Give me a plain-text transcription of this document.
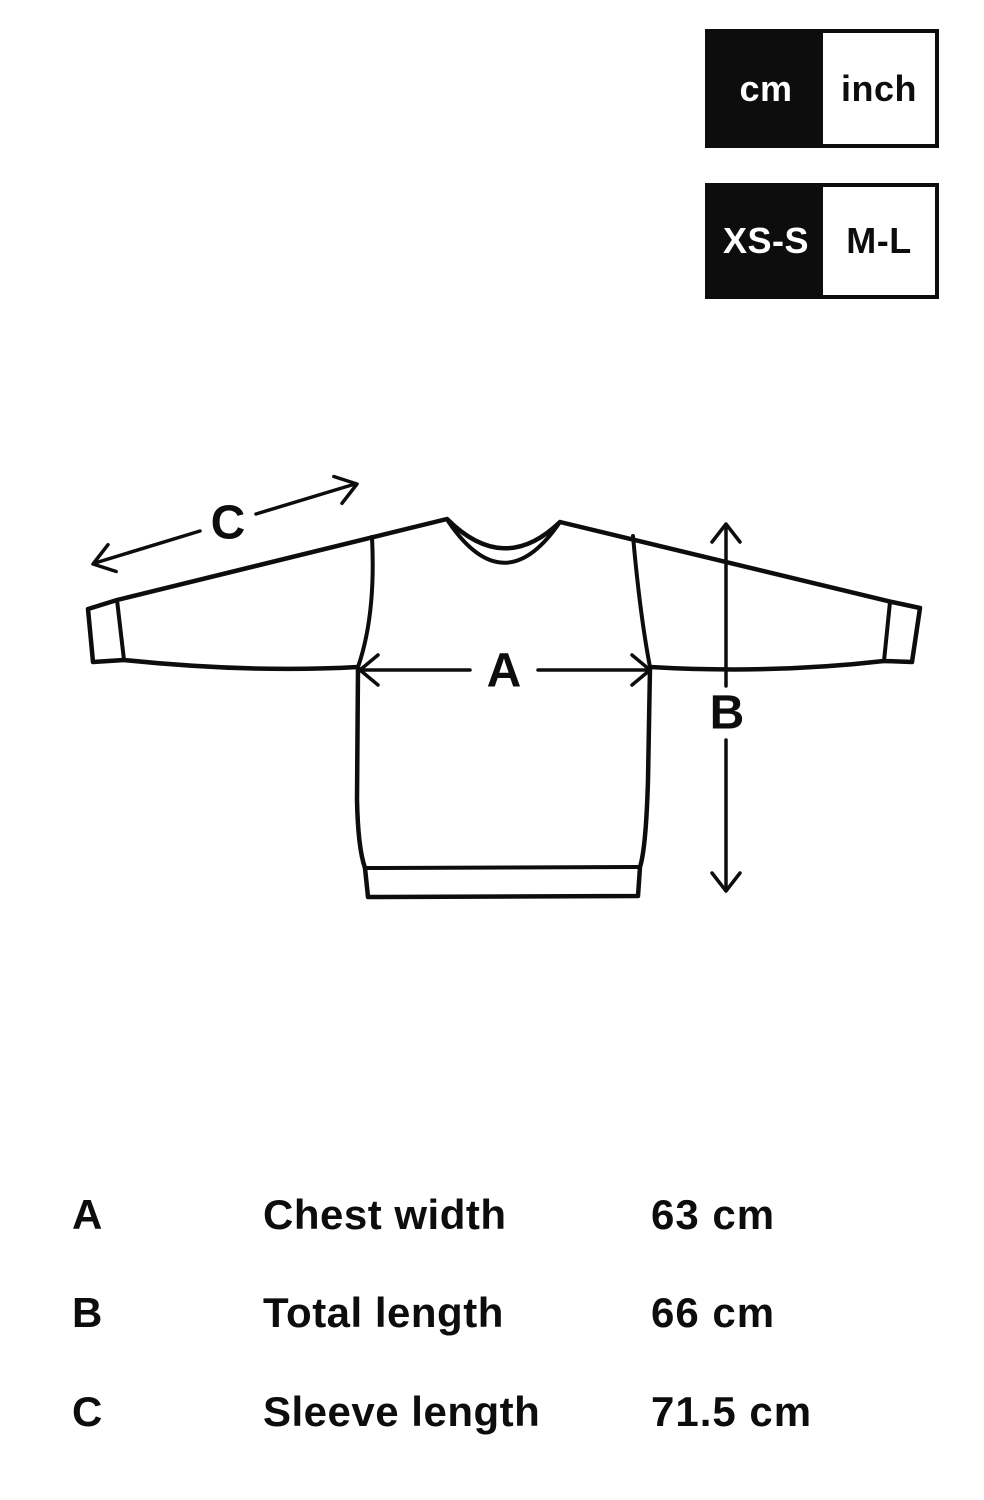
cm	inch
XS-S	M-L
A
B
C
A	Chest width	63 cm
B	Total length	66 cm
C	Sleeve length	71.5 cm
